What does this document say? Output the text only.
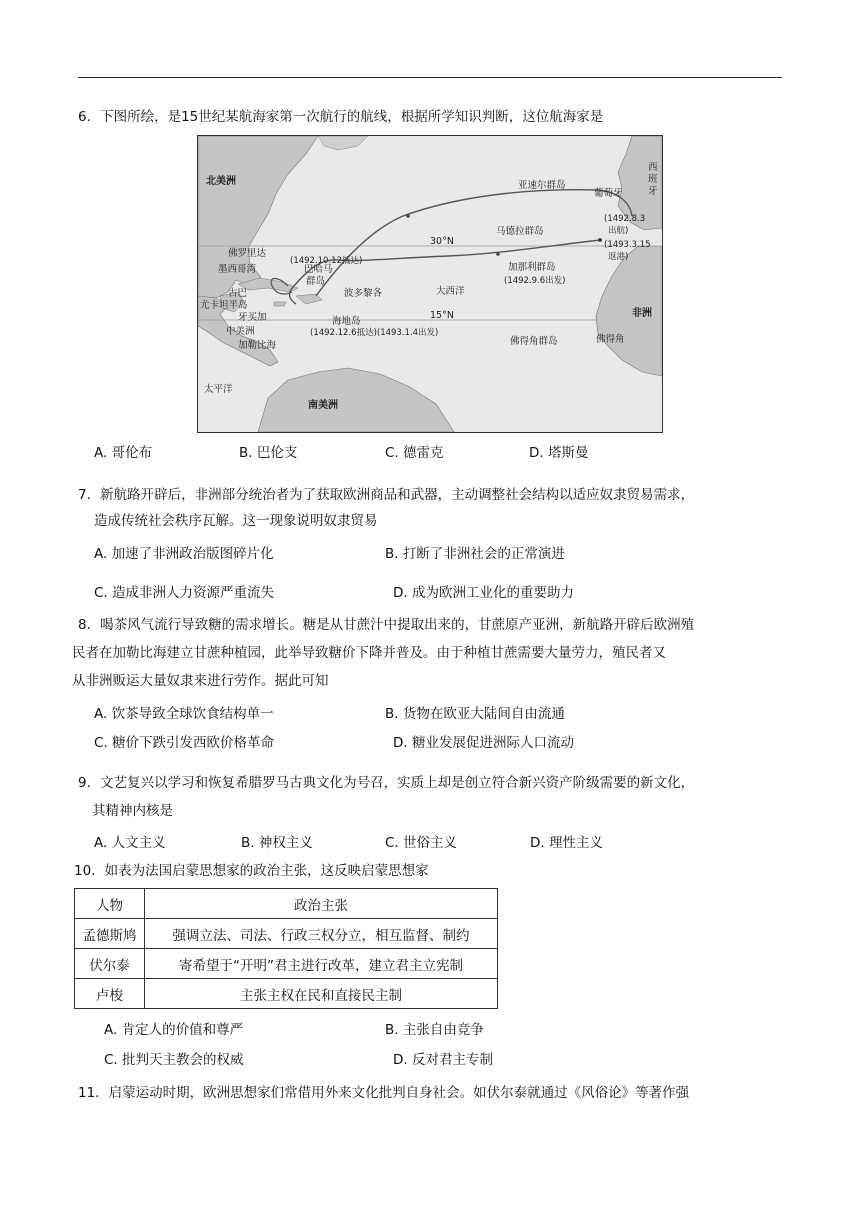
6．下图所绘，是15世纪某航海家第一次航行的航线，根据所学知识判断，这位航海家是
北美洲
南美洲
非洲
亚速尔群岛
马德拉群岛
加那利群岛
佛得角群岛	佛得角
大西洋
太平洋
佛罗里达
墨西哥湾
古巴
尤卡坦半岛
牙买加
中美洲
加勒比海
巴哈马
群岛
波多黎各
海地岛
30°N
15°N
西
班
牙
葡萄牙
(1492.8.3
出航)
(1493.3.15
返港)
(1492.10.12抵达)
(1492.9.6出发)
(1492.12.6抵达)(1493.1.4出发)
A. 哥伦布	B. 巴伦支	C. 德雷克	D. 塔斯曼
7．新航路开辟后，非洲部分统治者为了获取欧洲商品和武器，主动调整社会结构以适应奴隶贸易需求，
造成传统社会秩序瓦解。这一现象说明奴隶贸易
A. 加速了非洲政治版图碎片化	B. 打断了非洲社会的正常演进
C. 造成非洲人力资源严重流失	D. 成为欧洲工业化的重要助力
8．喝茶风气流行导致糖的需求增长。糖是从甘蔗汁中提取出来的，甘蔗原产亚洲，新航路开辟后欧洲殖
民者在加勒比海建立甘蔗种植园，此举导致糖价下降并普及。由于种植甘蔗需要大量劳力，殖民者又
从非洲贩运大量奴隶来进行劳作。据此可知
A. 饮茶导致全球饮食结构单一	B. 货物在欧亚大陆间自由流通
C. 糖价下跌引发西欧价格革命	D. 糖业发展促进洲际人口流动
9．文艺复兴以学习和恢复希腊罗马古典文化为号召，实质上却是创立符合新兴资产阶级需要的新文化，
其精神内核是
A. 人文主义	B. 神权主义	C. 世俗主义	D. 理性主义
10．如表为法国启蒙思想家的政治主张，这反映启蒙思想家
人物	政治主张
孟德斯鸠	强调立法、司法、行政三权分立，相互监督、制约
伏尔泰	寄希望于“开明”君主进行改革，建立君主立宪制
卢梭	主张主权在民和直接民主制
A. 肯定人的价值和尊严	B. 主张自由竞争
C. 批判天主教会的权威	D. 反对君主专制
11．启蒙运动时期，欧洲思想家们常借用外来文化批判自身社会。如伏尔泰就通过《风俗论》等著作强
